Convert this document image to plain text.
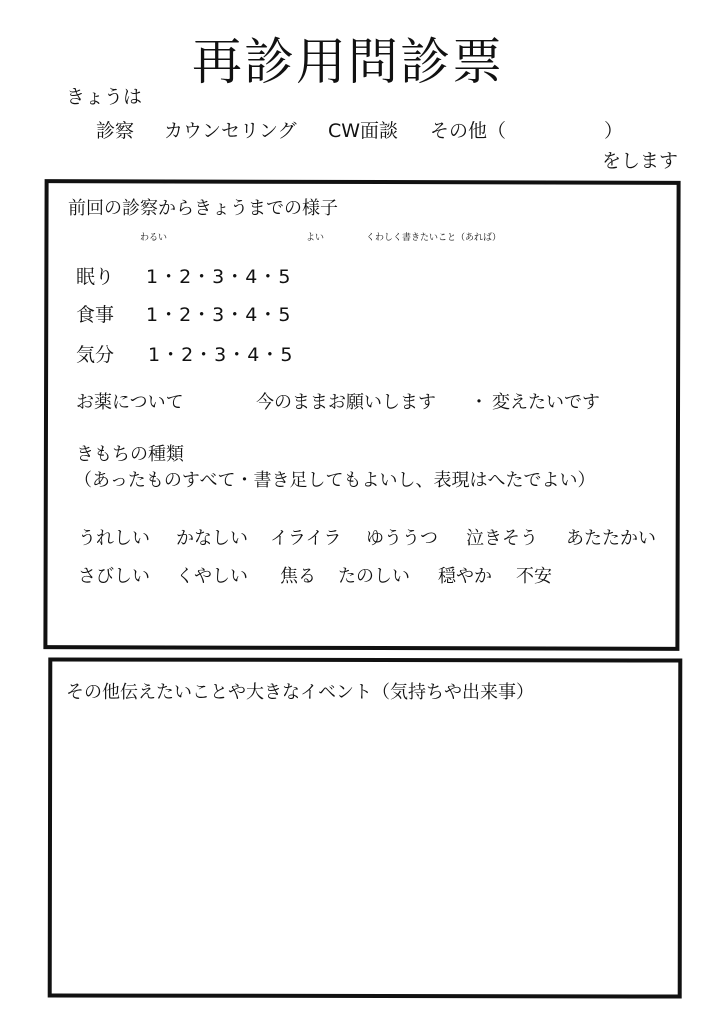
再診用問診票
きょうは
診察 カウンセリング CW面談 その他（	）
をします
前回の診察からきょうまでの様子
わるい	よい	くわしく書きたいこと（あれば）
眠り 1・2・3・4・5
食事 1・2・3・4・5
気分 1・2・3・4・5
お薬について	今のままお願いします ・ 変えたいです
きもちの種類
（あったものすべて・書き足してもよいし、表現はへたでよい）
うれしい かなしい イライラ ゆううつ 泣きそう あたたかい
さびしい くやしい 焦る たのしい 穏やか 不安
その他伝えたいことや大きなイベント（気持ちや出来事）
